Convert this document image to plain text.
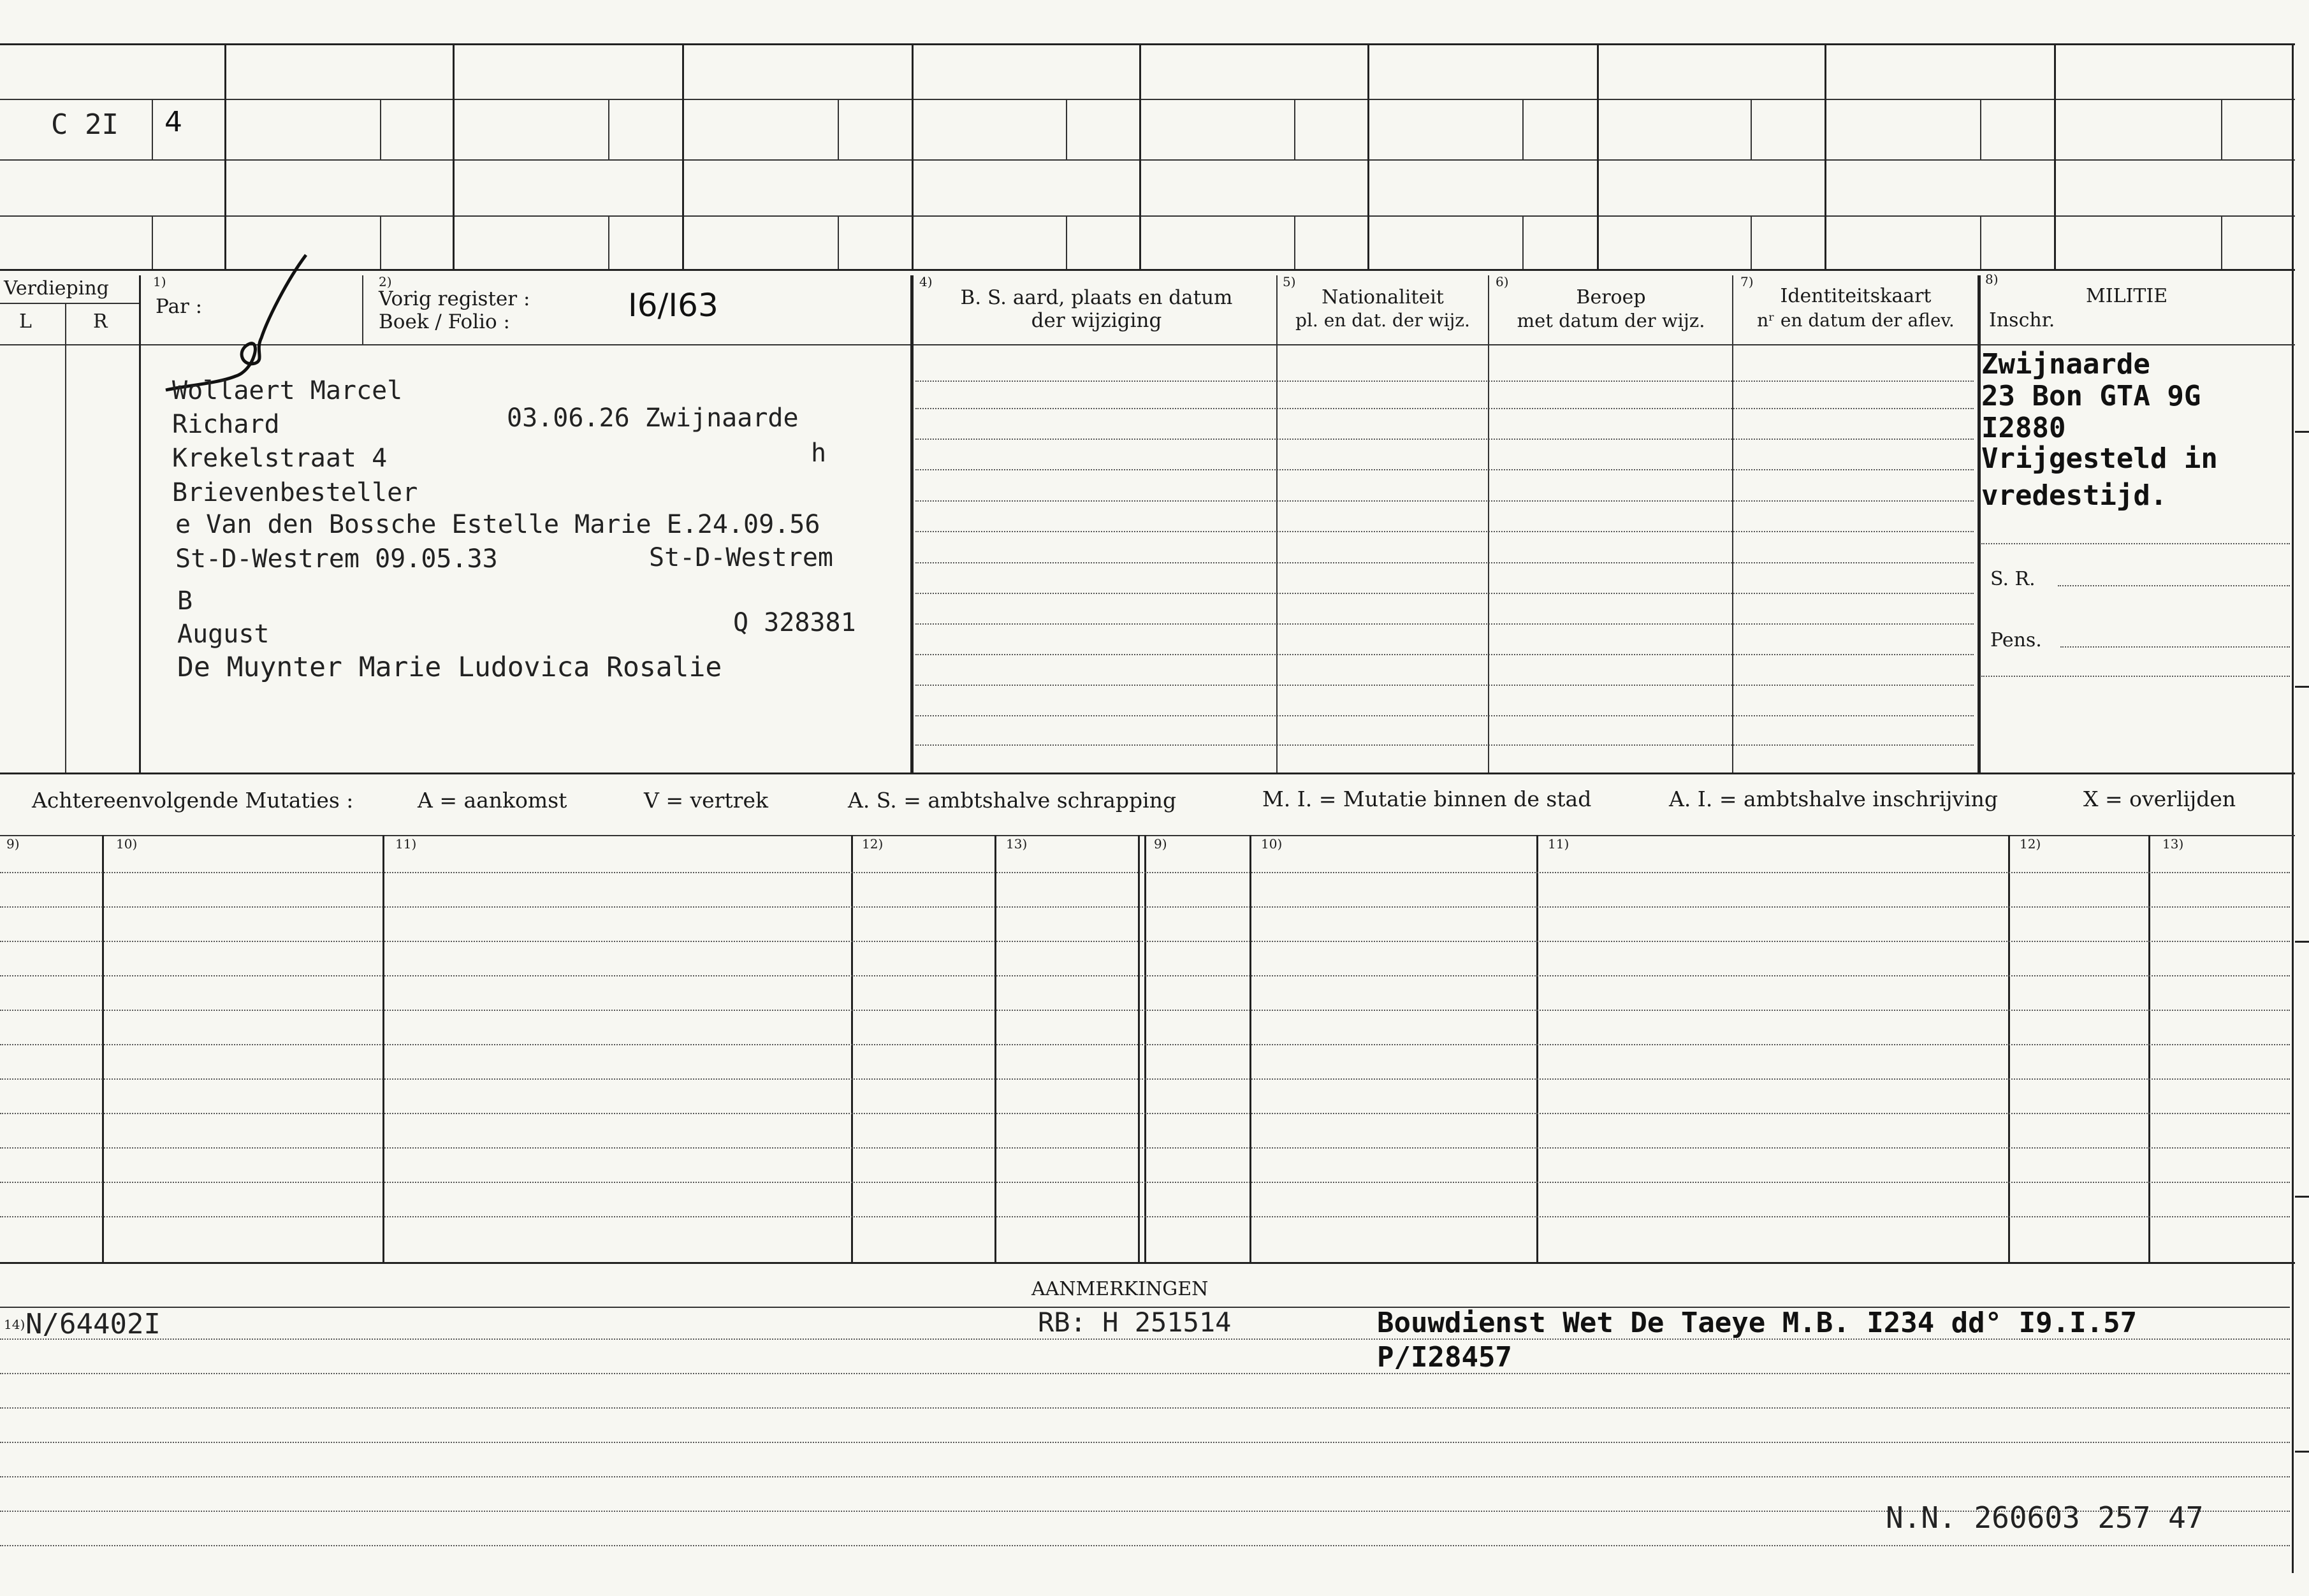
C 2I 4
Verdieping
L	R
1)
Par :
2)
Vorig register :
Boek / Folio :	I6/I63
4)
B. S. aard, plaats en datum
der wijziging
5)
Nationaliteit
pl. en dat. der wijz.
6)
Beroep
met datum der wijz.
7)
Identiteitskaart
nʳ en datum der aflev.
8)
MILITIE
Inschr.
Wollaert Marcel
Richard	03.06.26 Zwijnaarde
Krekelstraat 4	h
Brievenbesteller
e Van den Bossche Estelle Marie E.24.09.56
St-D-Westrem 09.05.33	St-D-Westrem
B
August	Q 328381
De Muynter Marie Ludovica Rosalie
Zwijnaarde
23 Bon GTA 9G
I2880
Vrijgesteld in
vredestijd.
S. R.
Pens.
Achtereenvolgende Mutaties :	A = aankomst	V = vertrek	A. S. = ambtshalve schrapping	M. I. = Mutatie binnen de stad	A. I. = ambtshalve inschrijving	X = overlijden
9)	10)	11)	12)	13)	9)	10)	11)	12)	13)
AANMERKINGEN
14) N/64402I	RB: H 251514	Bouwdienst Wet De Taeye M.B. I234 dd° I9.I.57
P/I28457
N.N. 260603 257 47
